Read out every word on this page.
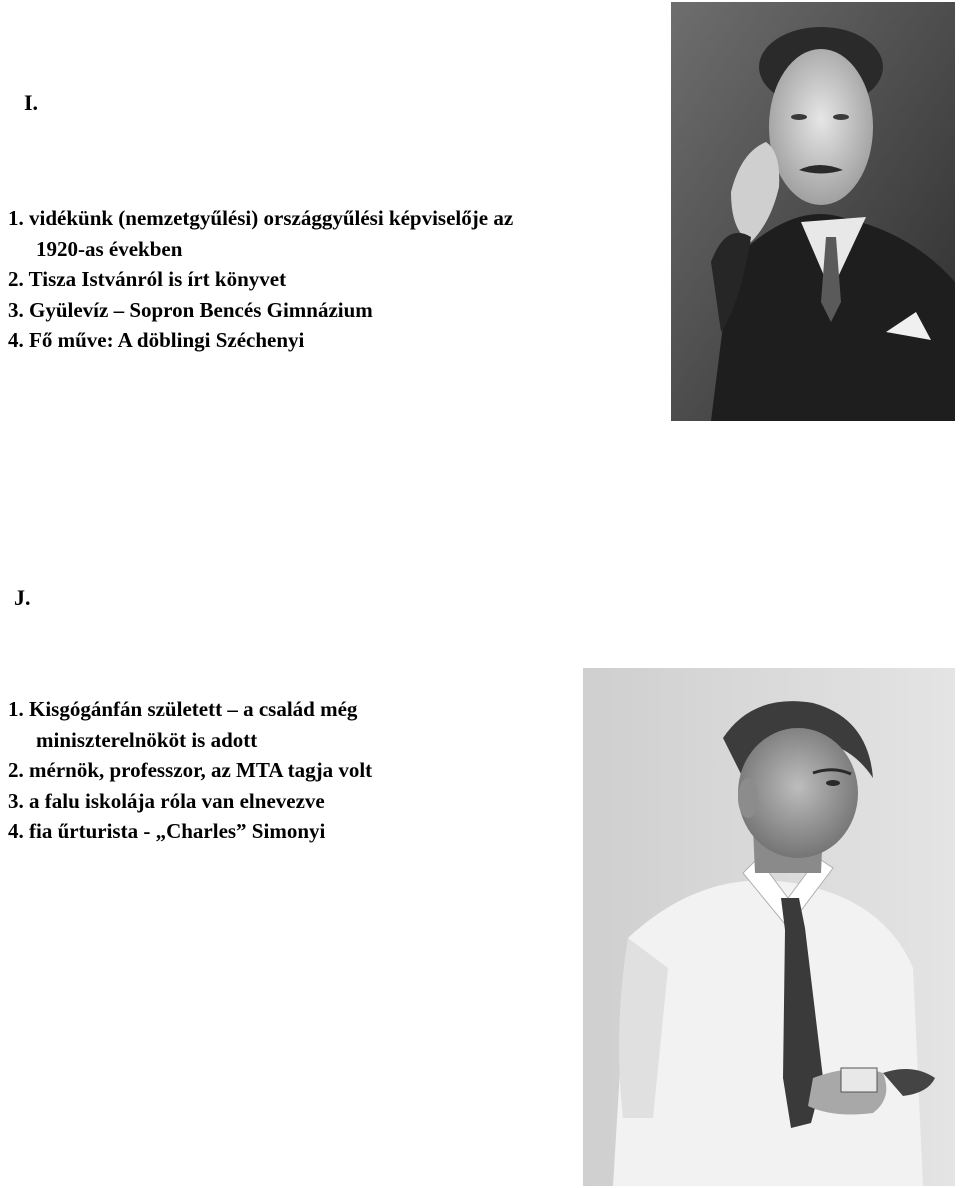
I.
1. vidékünk (nemzetgyűlési) országgyűlési képviselője az
1920-as években
2. Tisza Istvánról is írt könyvet
3. Gyülevíz – Sopron Bencés Gimnázium
4. Fő műve: A döblingi Széchenyi
J.
1. Kisgógánfán született – a család még
miniszterelnököt is adott
2. mérnök, professzor, az MTA tagja volt
3. a falu iskolája róla van elnevezve
4. fia űrturista - „Charles” Simonyi
